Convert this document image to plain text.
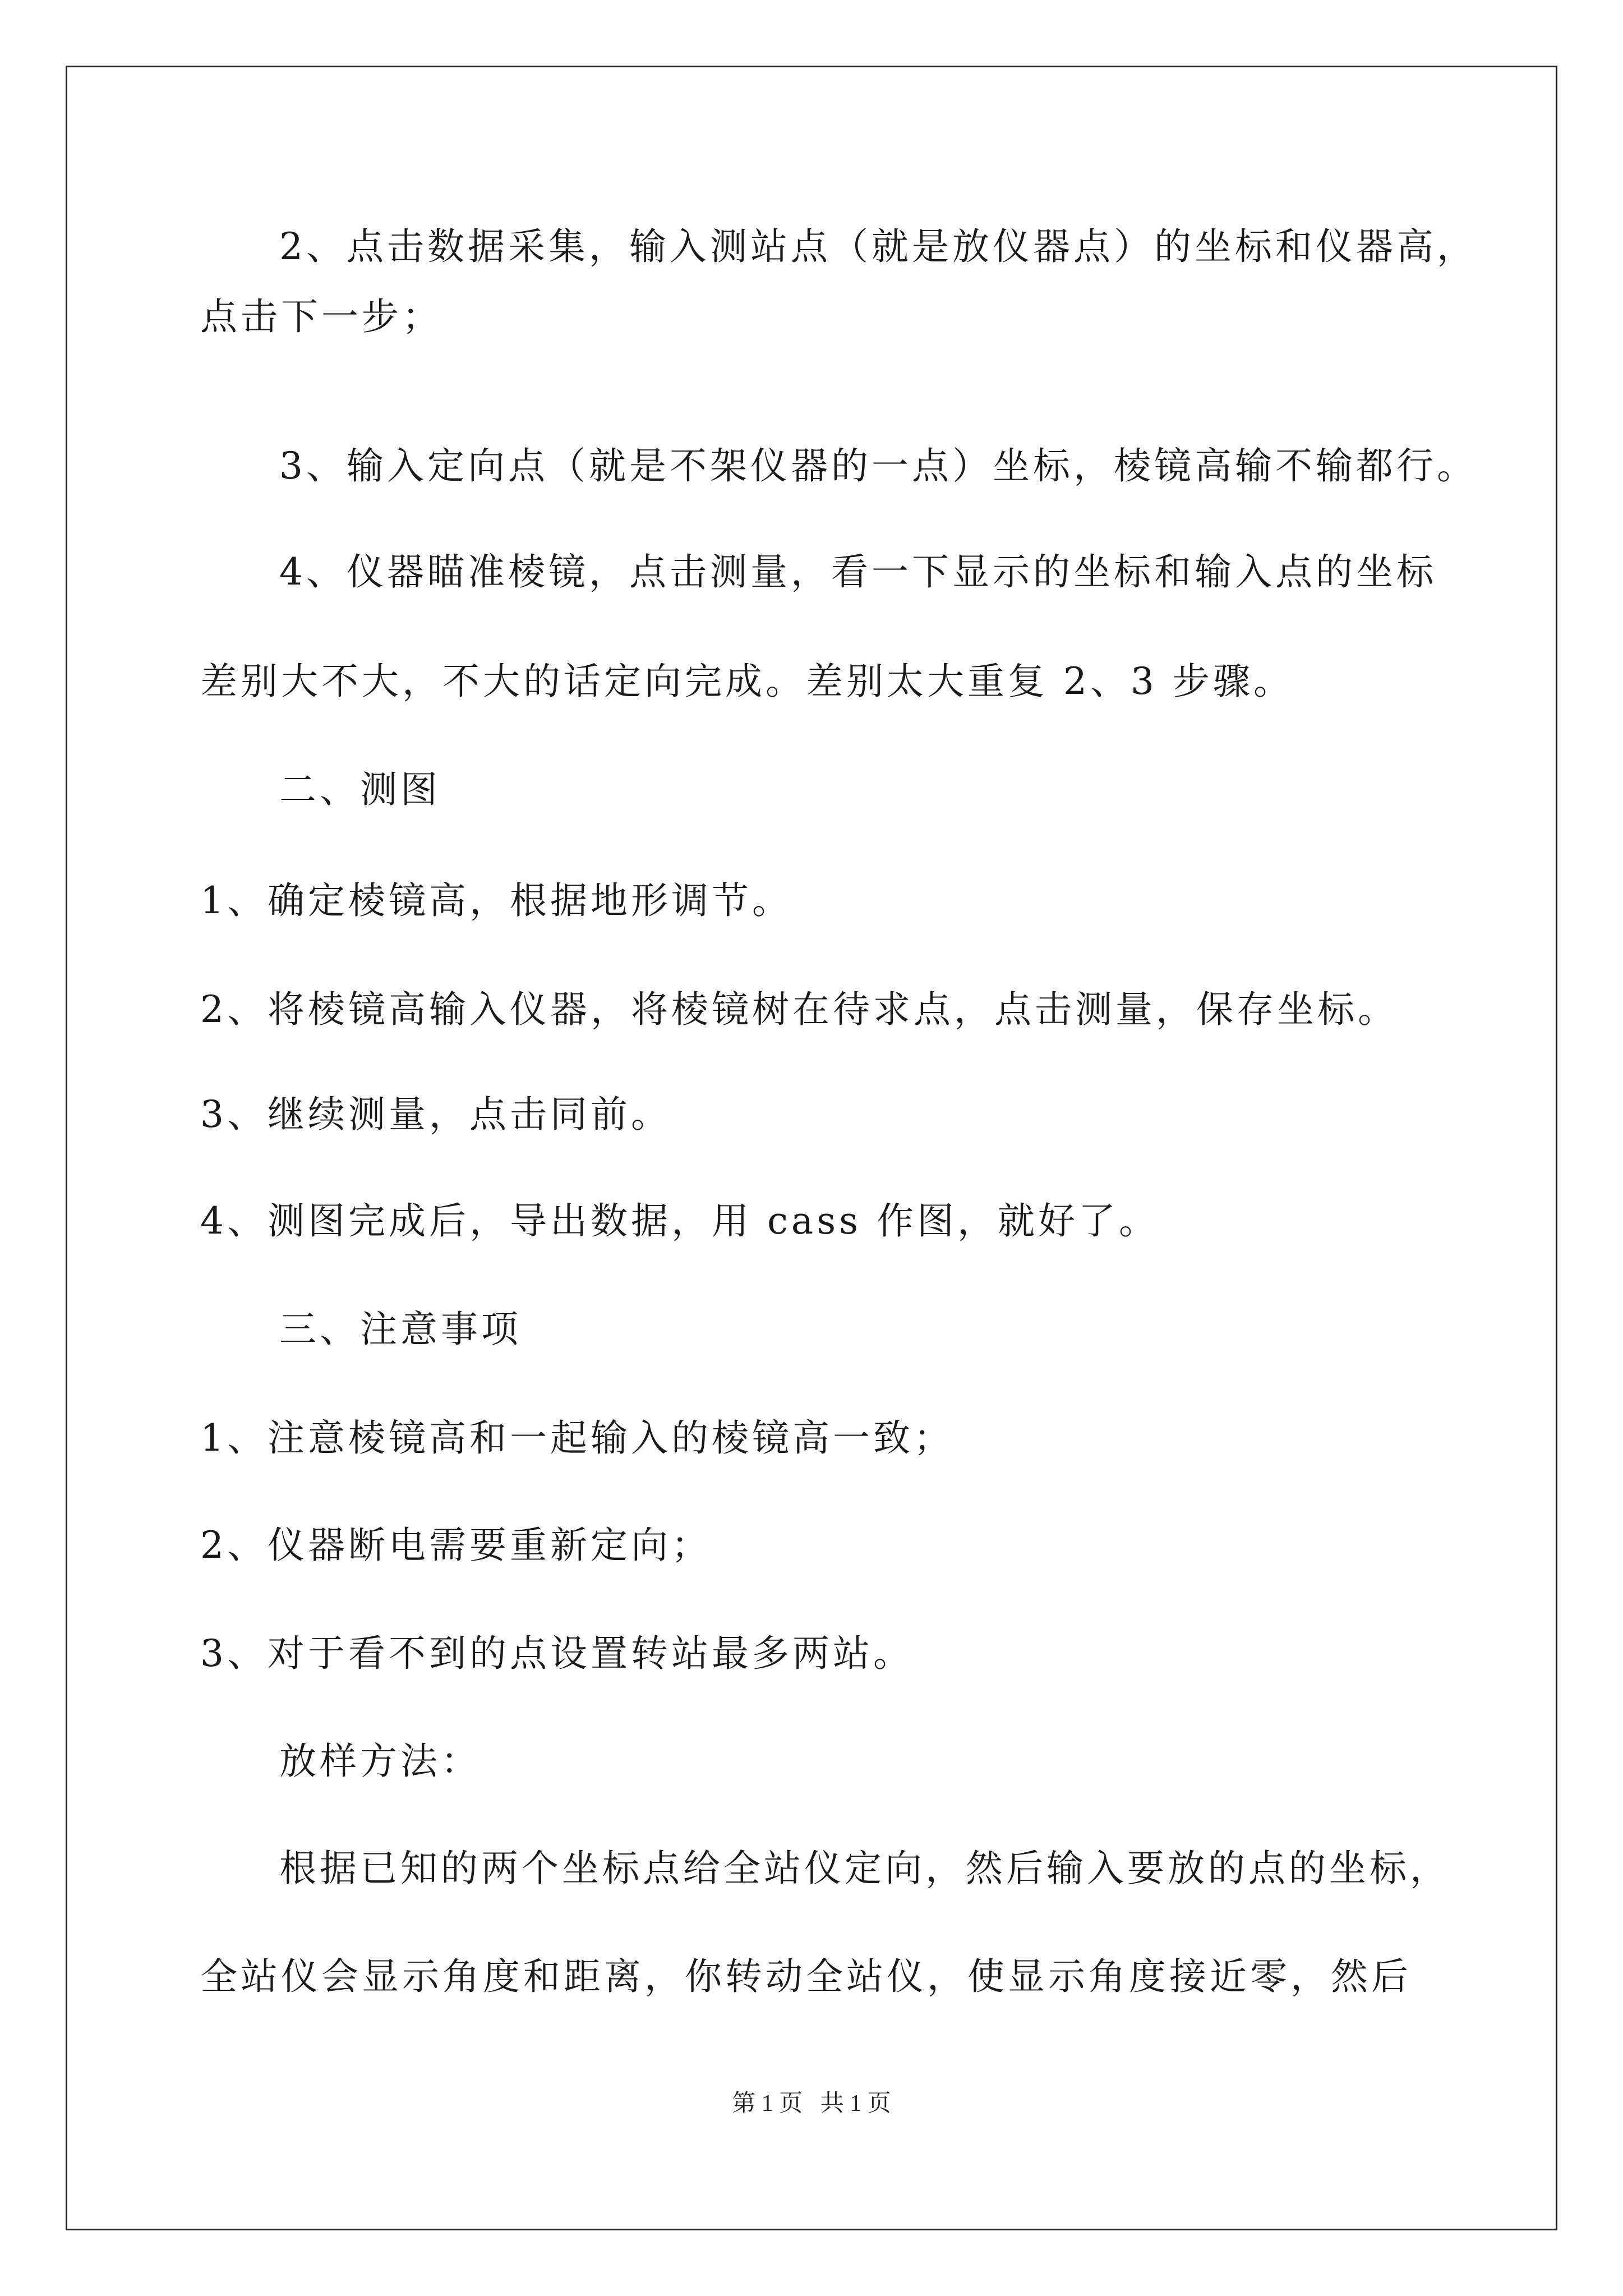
2、点击数据采集，输入测站点（就是放仪器点）的坐标和仪器高，
点击下一步；
3、输入定向点（就是不架仪器的一点）坐标，棱镜高输不输都行。
4、仪器瞄准棱镜，点击测量，看一下显示的坐标和输入点的坐标
差别大不大，不大的话定向完成。差别太大重复 2、3 步骤。
二、测图
1、确定棱镜高，根据地形调节。
2、将棱镜高输入仪器，将棱镜树在待求点，点击测量，保存坐标。
3、继续测量，点击同前。
4、测图完成后，导出数据，用 cass 作图，就好了。
三、注意事项
1、注意棱镜高和一起输入的棱镜高一致；
2、仪器断电需要重新定向；
3、对于看不到的点设置转站最多两站。
放样方法：
根据已知的两个坐标点给全站仪定向，然后输入要放的点的坐标，
全站仪会显示角度和距离，你转动全站仪，使显示角度接近零，然后
第 1 页   共 1 页
